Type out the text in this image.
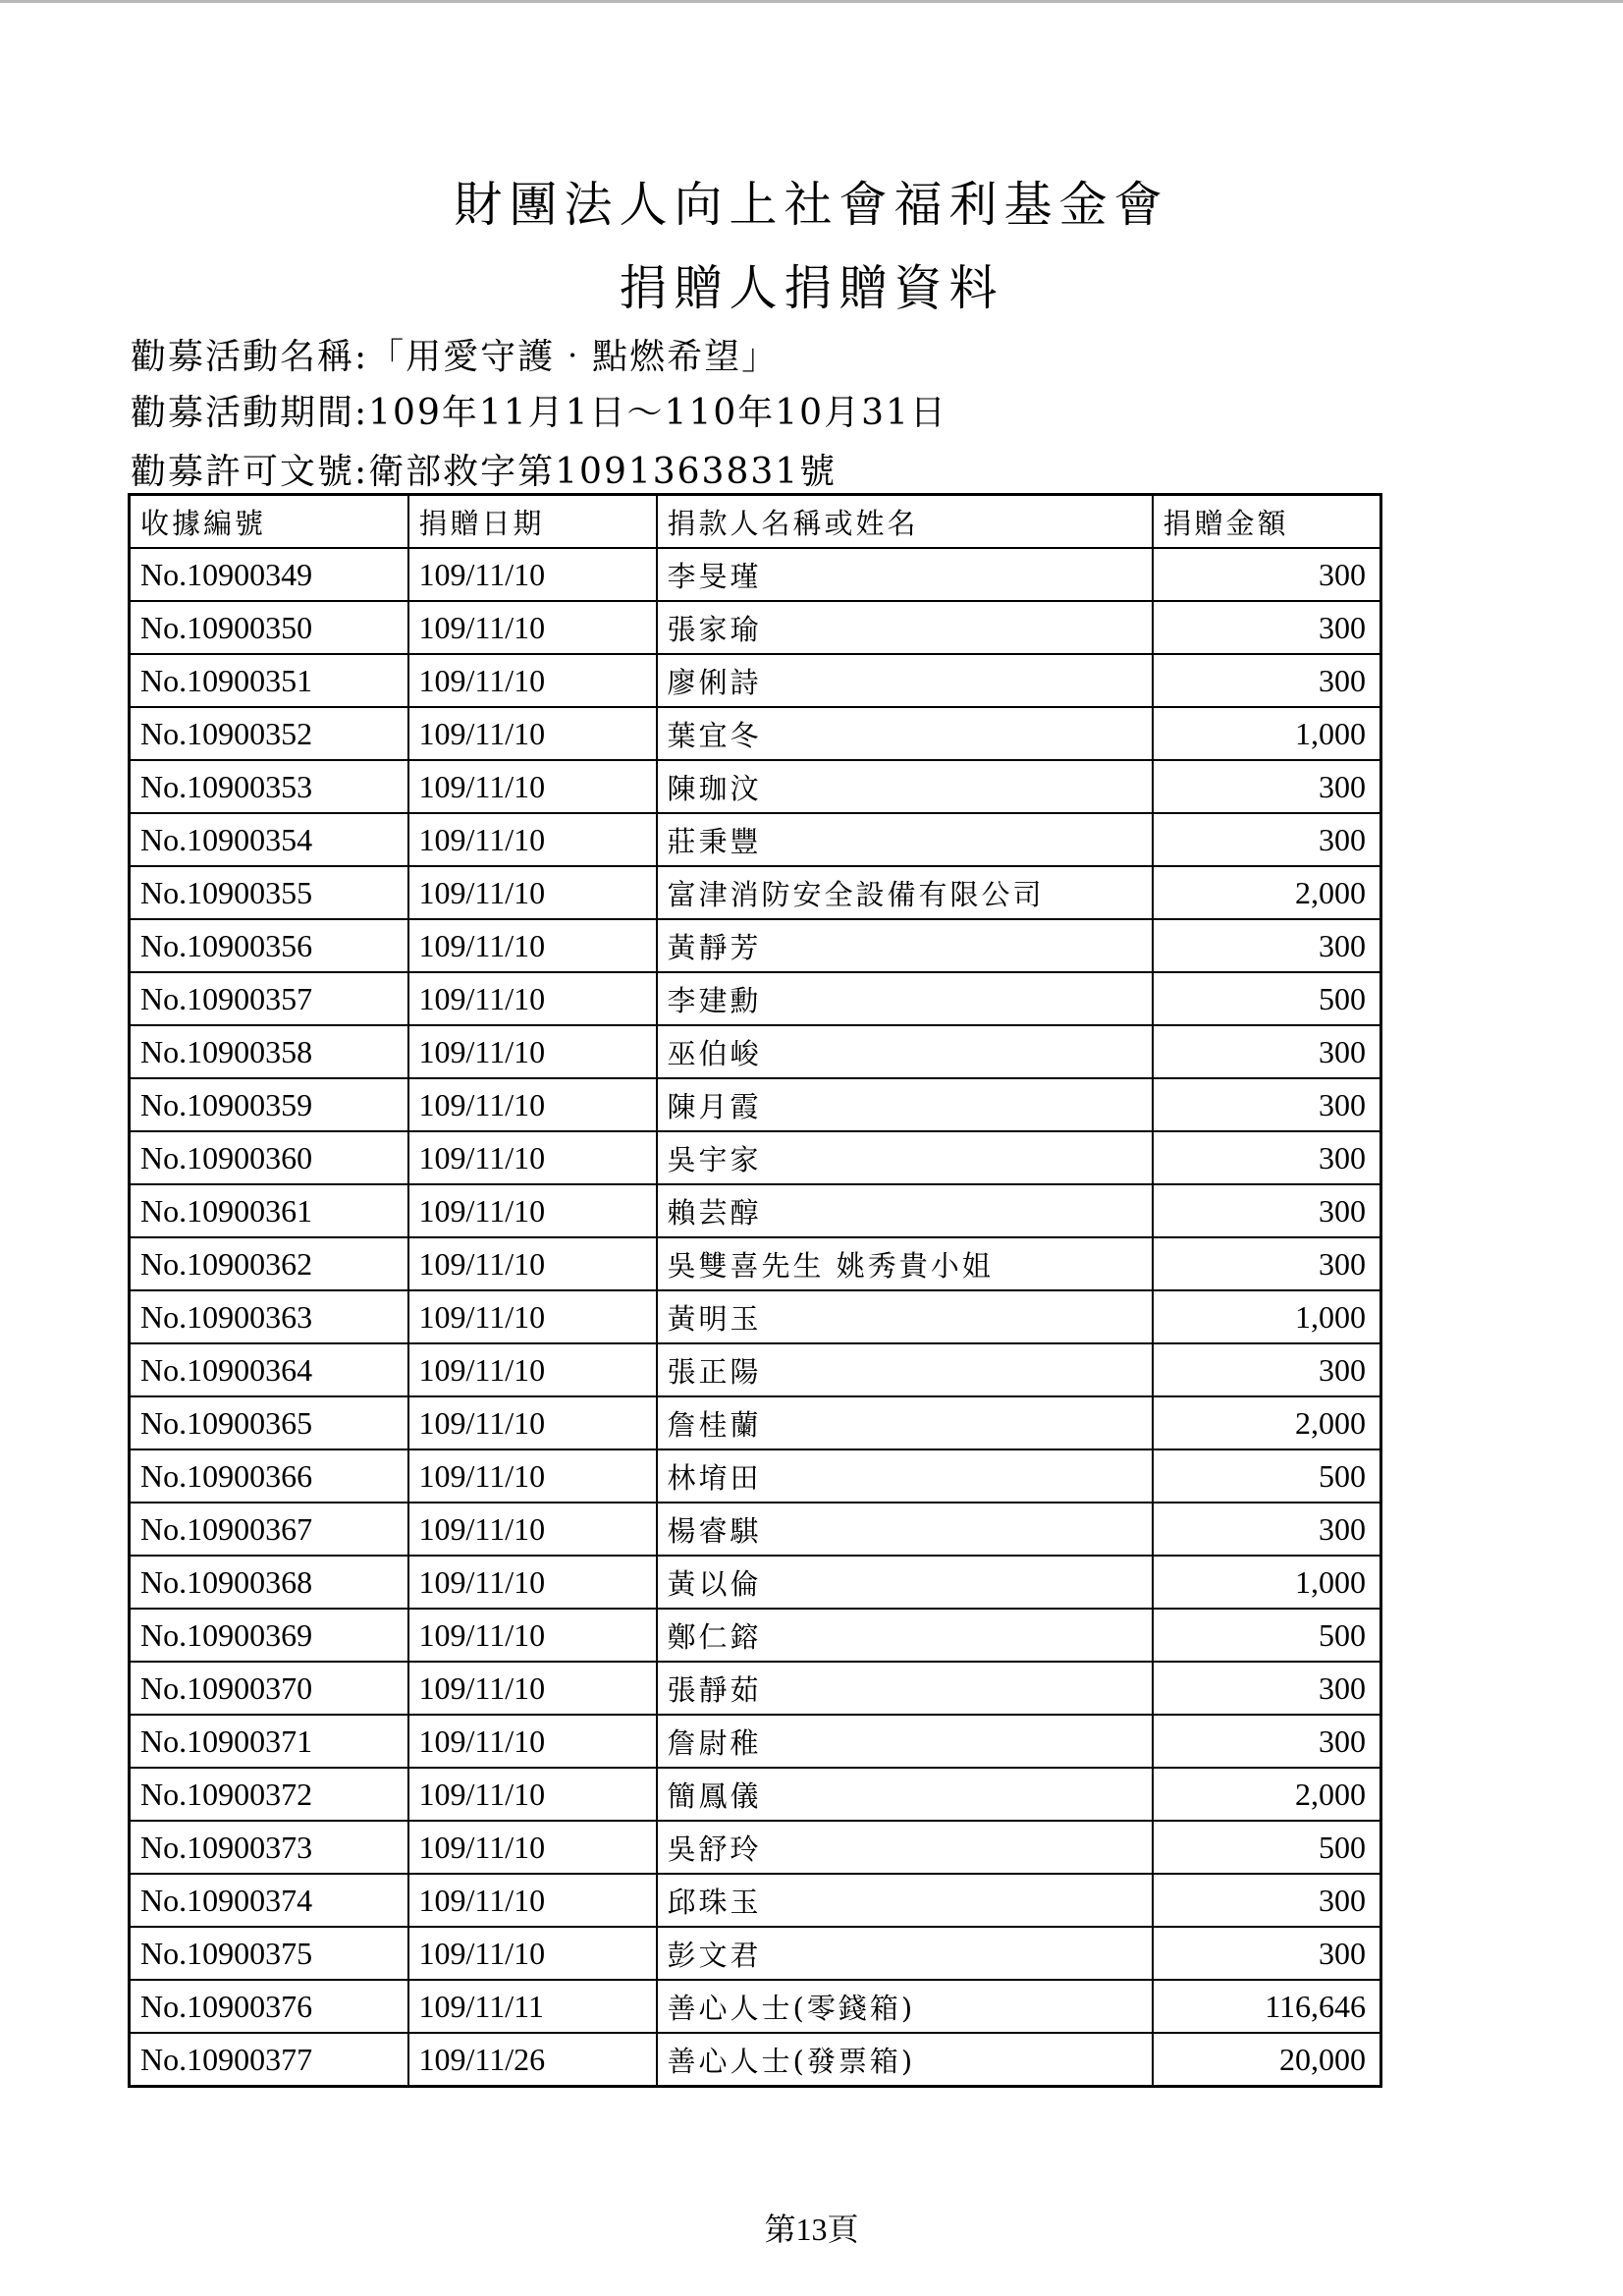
財團法人向上社會福利基金會
捐贈人捐贈資料
勸募活動名稱:「用愛守護‧點燃希望」
勸募活動期間:109年11月1日～110年10月31日
勸募許可文號:衛部救字第1091363831號
收據編號	捐贈日期	捐款人名稱或姓名	捐贈金額
No.10900349	109/11/10	李旻瑾	300
No.10900350	109/11/10	張家瑜	300
No.10900351	109/11/10	廖俐詩	300
No.10900352	109/11/10	葉宜冬	1,000
No.10900353	109/11/10	陳珈汶	300
No.10900354	109/11/10	莊秉豐	300
No.10900355	109/11/10	富津消防安全設備有限公司	2,000
No.10900356	109/11/10	黃靜芳	300
No.10900357	109/11/10	李建勳	500
No.10900358	109/11/10	巫伯峻	300
No.10900359	109/11/10	陳月霞	300
No.10900360	109/11/10	吳宇家	300
No.10900361	109/11/10	賴芸醇	300
No.10900362	109/11/10	吳雙喜先生 姚秀貴小姐	300
No.10900363	109/11/10	黃明玉	1,000
No.10900364	109/11/10	張正陽	300
No.10900365	109/11/10	詹桂蘭	2,000
No.10900366	109/11/10	林堉田	500
No.10900367	109/11/10	楊睿騏	300
No.10900368	109/11/10	黃以倫	1,000
No.10900369	109/11/10	鄭仁鎔	500
No.10900370	109/11/10	張靜茹	300
No.10900371	109/11/10	詹尉稚	300
No.10900372	109/11/10	簡鳳儀	2,000
No.10900373	109/11/10	吳舒玲	500
No.10900374	109/11/10	邱珠玉	300
No.10900375	109/11/10	彭文君	300
No.10900376	109/11/11	善心人士(零錢箱)	116,646
No.10900377	109/11/26	善心人士(發票箱)	20,000
第13頁
